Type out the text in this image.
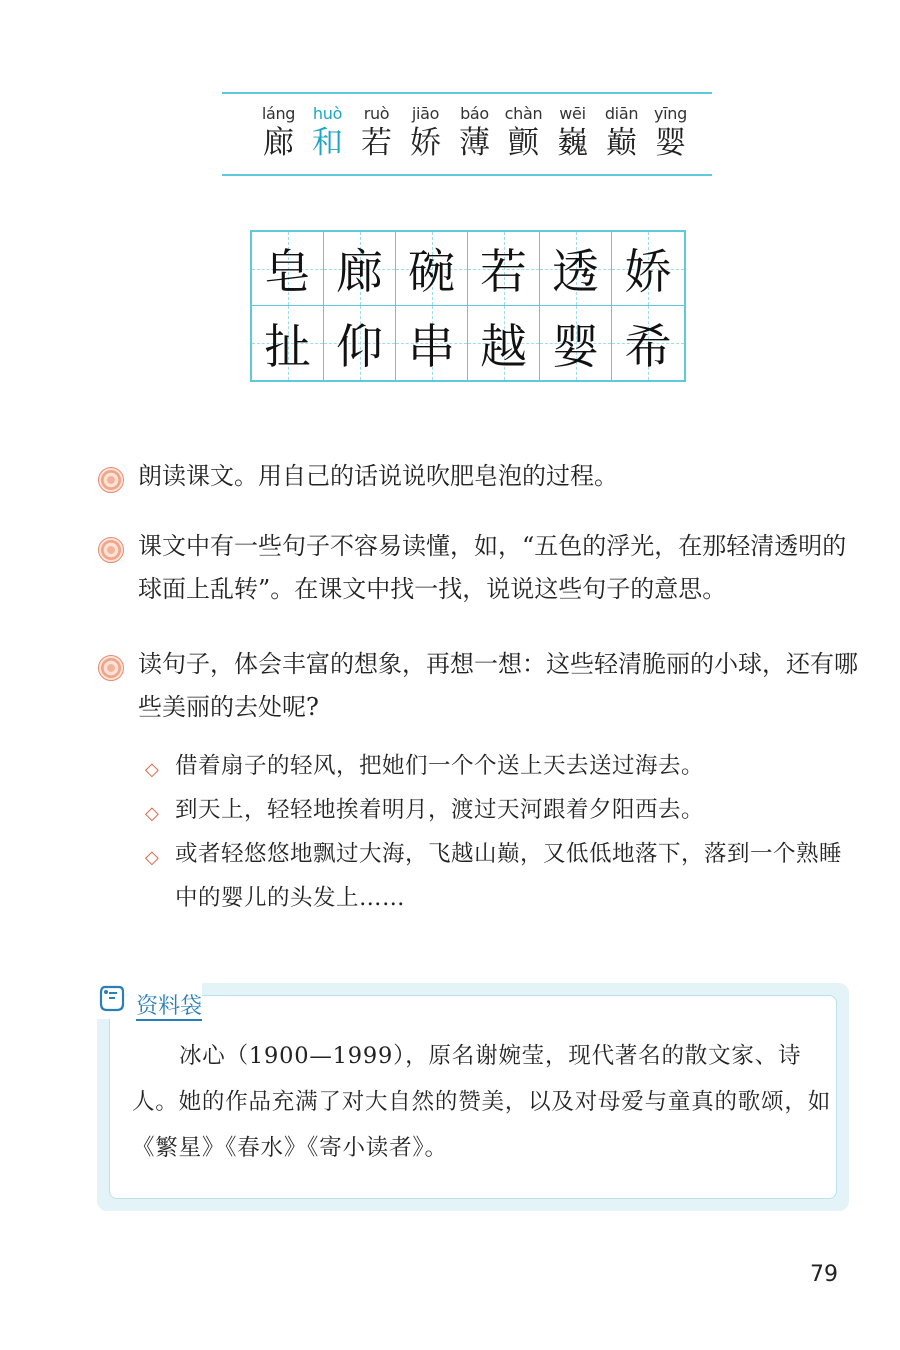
láng
廊
huò
和
ruò
若
jiāo
娇
báo
薄
chàn
颤
wēi
巍
diān
巅
yīng
婴
皂 廊 碗 若 透 娇
扯 仰 串 越 婴 希

朗读课文。用自己的话说说吹肥皂泡的过程。

课文中有一些句子不容易读懂，如，“五色的浮光，在那轻清透明的球面上乱转”。在课文中找一找，说说这些句子的意思。

读句子，体会丰富的想象，再想一想：这些轻清脆丽的小球，还有哪些美丽的去处呢?

◇ 借着扇子的轻风，把她们一个个送上天去送过海去。

◇ 到天上，轻轻地挨着明月，渡过天河跟着夕阳西去。

◇ 或者轻悠悠地飘过大海，飞越山巅，又低低地落下，落到一个熟睡中的婴儿的头发上……

资料袋

冰心（1900—1999），原名谢婉莹，现代著名的散文家、诗人。她的作品充满了对大自然的赞美，以及对母爱与童真的歌颂，如《繁星》《春水》《寄小读者》。

79
